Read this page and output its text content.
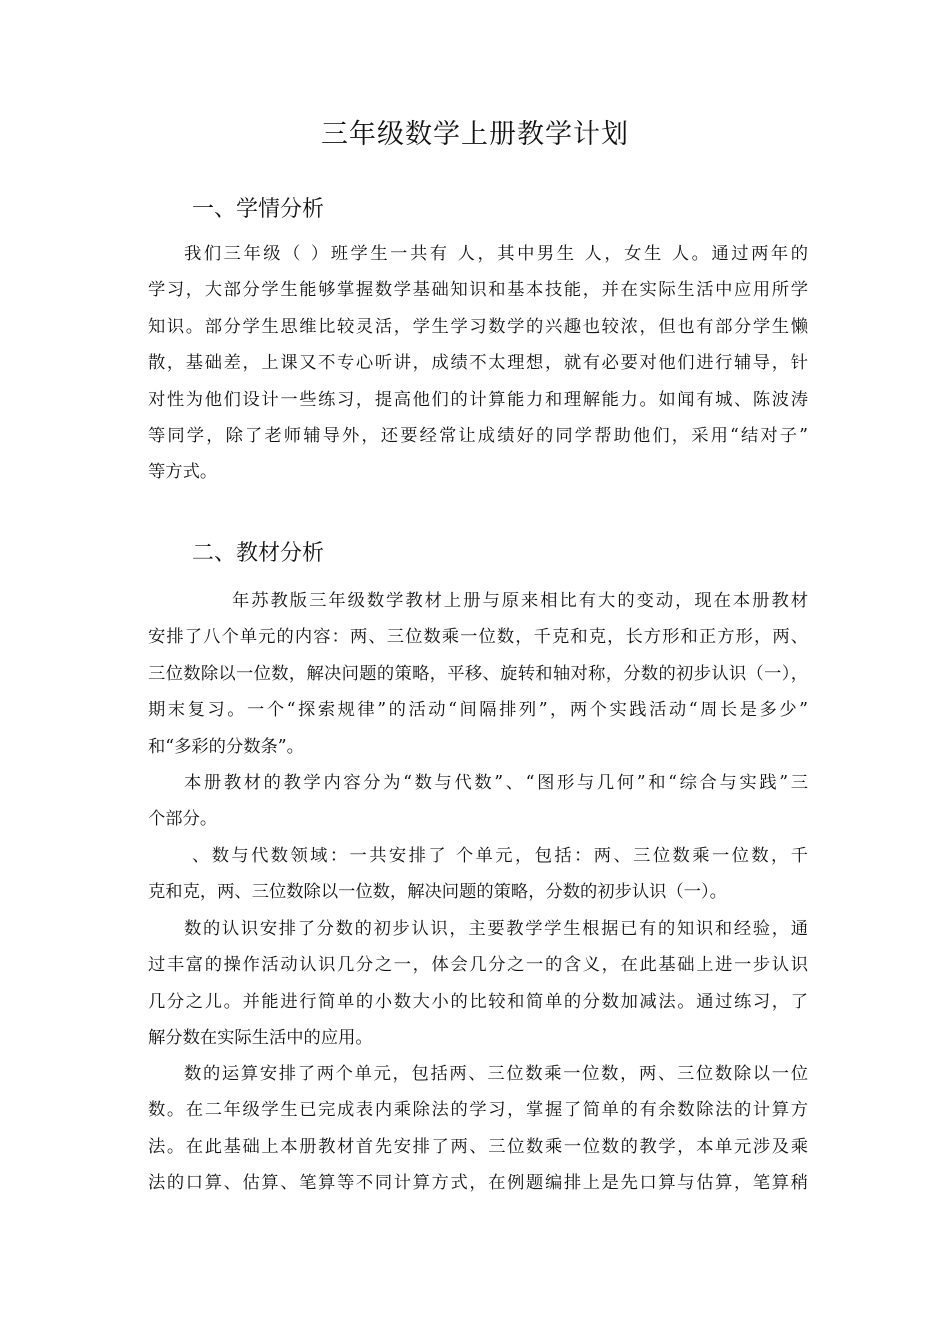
三年级数学上册教学计划
一、学情分析
我们三年级（ ）班学生一共有 人，其中男生 人，女生 人。通过两年的
学习，大部分学生能够掌握数学基础知识和基本技能，并在实际生活中应用所学
知识。部分学生思维比较灵活，学生学习数学的兴趣也较浓，但也有部分学生懒
散，基础差，上课又不专心听讲，成绩不太理想，就有必要对他们进行辅导，针
对性为他们设计一些练习，提高他们的计算能力和理解能力。如闻有城、陈波涛
等同学，除了老师辅导外，还要经常让成绩好的同学帮助他们，采用“结对子”
等方式。
二、教材分析
年苏教版三年级数学教材上册与原来相比有大的变动，现在本册教材
安排了八个单元的内容：两、三位数乘一位数，千克和克，长方形和正方形，两、
三位数除以一位数，解决问题的策略，平移、旋转和轴对称，分数的初步认识（一），
期末复习。一个“探索规律”的活动“间隔排列”，两个实践活动“周长是多少”
和“多彩的分数条”。
本册教材的教学内容分为“数与代数”、“图形与几何”和“综合与实践”三
个部分。
、数与代数领域：一共安排了 个单元，包括：两、三位数乘一位数，千
克和克，两、三位数除以一位数，解决问题的策略，分数的初步认识（一）。
数的认识安排了分数的初步认识，主要教学学生根据已有的知识和经验，通
过丰富的操作活动认识几分之一，体会几分之一的含义，在此基础上进一步认识
几分之儿。并能进行简单的小数大小的比较和简单的分数加减法。通过练习，了
解分数在实际生活中的应用。
数的运算安排了两个单元，包括两、三位数乘一位数，两、三位数除以一位
数。在二年级学生已完成表内乘除法的学习，掌握了简单的有余数除法的计算方
法。在此基础上本册教材首先安排了两、三位数乘一位数的教学，本单元涉及乘
法的口算、估算、笔算等不同计算方式，在例题编排上是先口算与估算，笔算稍
